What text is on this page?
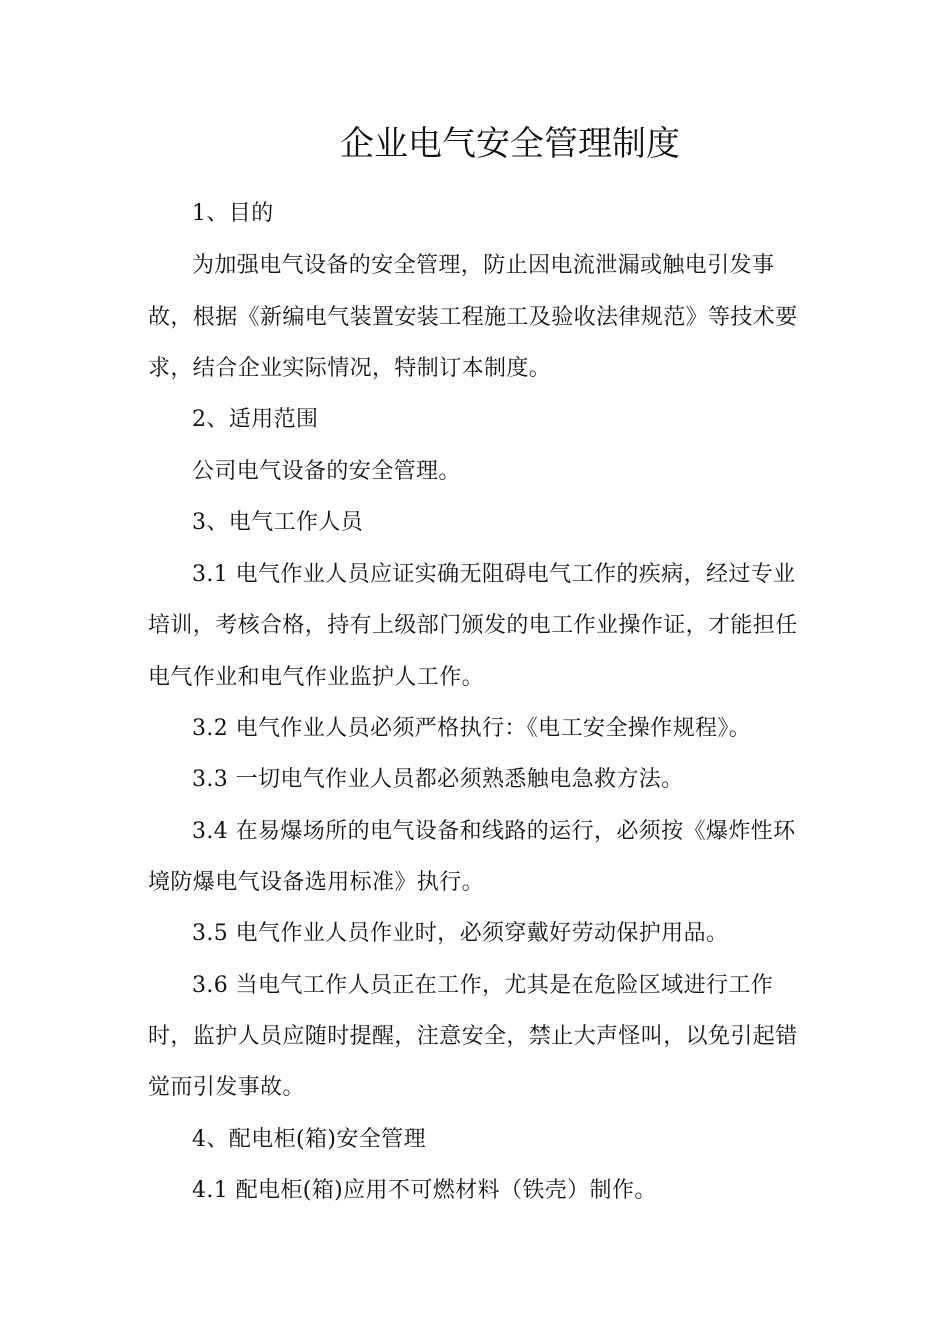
企业电气安全管理制度
1、目的
为加强电气设备的安全管理，防止因电流泄漏或触电引发事
故，根据《新编电气装置安装工程施工及验收法律规范》等技术要
求，结合企业实际情况，特制订本制度。
2、适用范围
公司电气设备的安全管理。
3、电气工作人员
3.1 电气作业人员应证实确无阻碍电气工作的疾病，经过专业
培训，考核合格，持有上级部门颁发的电工作业操作证，才能担任
电气作业和电气作业监护人工作。
3.2 电气作业人员必须严格执行：《电工安全操作规程》。
3.3 一切电气作业人员都必须熟悉触电急救方法。
3.4 在易爆场所的电气设备和线路的运行，必须按《爆炸性环
境防爆电气设备选用标准》执行。
3.5 电气作业人员作业时，必须穿戴好劳动保护用品。
3.6 当电气工作人员正在工作，尤其是在危险区域进行工作
时，监护人员应随时提醒，注意安全，禁止大声怪叫，以免引起错
觉而引发事故。
4、配电柜(箱)安全管理
4.1 配电柜(箱)应用不可燃材料（铁壳）制作。
